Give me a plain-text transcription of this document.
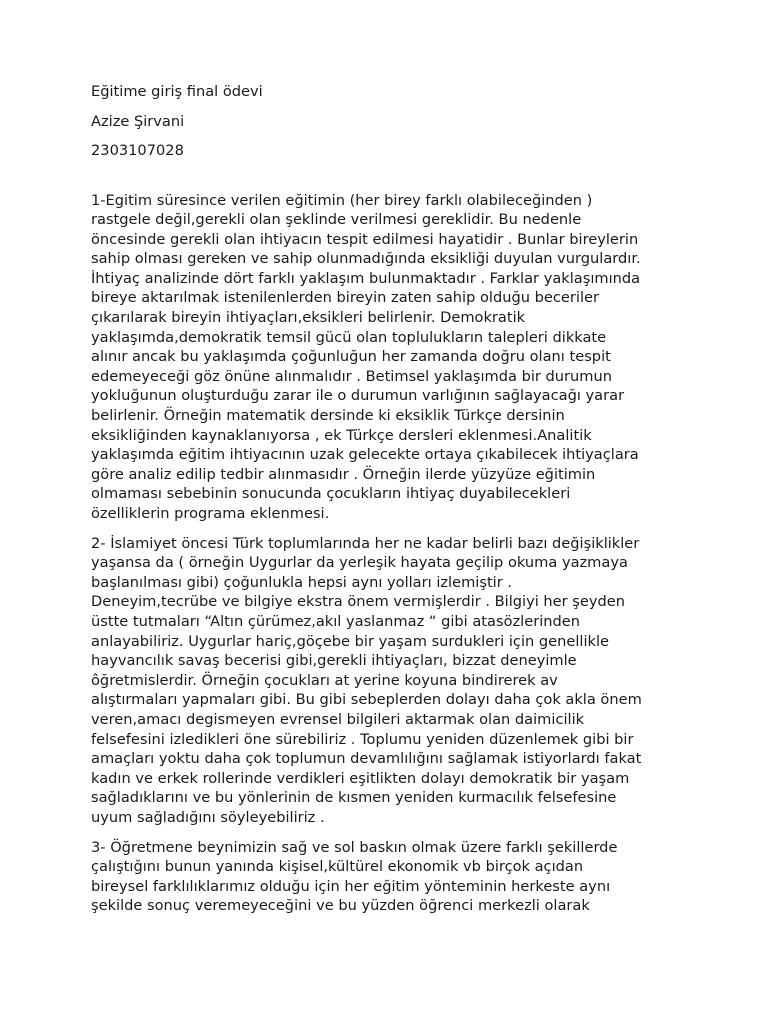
Eğitime giriş final ödevi
Azize Şirvani
2303107028
1-Egitim süresince verilen eğitimin (her birey farklı olabileceğinden )
rastgele değil,gerekli olan şeklinde verilmesi gereklidir. Bu nedenle
öncesinde gerekli olan ihtiyacın tespit edilmesi hayatidir . Bunlar bireylerin
sahip olması gereken ve sahip olunmadığında eksikliği duyulan vurgulardır.
İhtiyaç analizinde dört farklı yaklaşım bulunmaktadır . Farklar yaklaşımında
bireye aktarılmak istenilenlerden bireyin zaten sahip olduğu beceriler
çıkarılarak bireyin ihtiyaçları,eksikleri belirlenir. Demokratik
yaklaşımda,demokratik temsil gücü olan toplulukların talepleri dikkate
alınır ancak bu yaklaşımda çoğunluğun her zamanda doğru olanı tespit
edemeyeceği göz önüne alınmalıdır . Betimsel yaklaşımda bir durumun
yokluğunun oluşturduğu zarar ile o durumun varlığının sağlayacağı yarar
belirlenir. Örneğin matematik dersinde ki eksiklik Türkçe dersinin
eksikliğinden kaynaklanıyorsa , ek Türkçe dersleri eklenmesi.Analitik
yaklaşımda eğitim ihtiyacının uzak gelecekte ortaya çıkabilecek ihtiyaçlara
göre analiz edilip tedbir alınmasıdır . Örneğin ilerde yüzyüze eğitimin
olmaması sebebinin sonucunda çocukların ihtiyaç duyabilecekleri
özelliklerin programa eklenmesi.
2- İslamiyet öncesi Türk toplumlarında her ne kadar belirli bazı değişiklikler
yaşansa da ( örneğin Uygurlar da yerleşik hayata geçilip okuma yazmaya
başlanılması gibi) çoğunlukla hepsi aynı yolları izlemiştir .
Deneyim,tecrübe ve bilgiye ekstra önem vermişlerdir . Bilgiyi her şeyden
üstte tutmaları “Altın çürümez,akıl yaslanmaz “ gibi atasözlerinden
anlayabiliriz. Uygurlar hariç,göçebe bir yaşam surdukleri için genellikle
hayvancılık savaş becerisi gibi,gerekli ihtiyaçları, bizzat deneyimle
ôğretmislerdir. Örneğin çocukları at yerine koyuna bindirerek av
alıştırmaları yapmaları gibi. Bu gibi sebeplerden dolayı daha çok akla önem
veren,amacı degismeyen evrensel bilgileri aktarmak olan daimicilik
felsefesini izledikleri öne sürebiliriz . Toplumu yeniden düzenlemek gibi bir
amaçları yoktu daha çok toplumun devamlılığını sağlamak istiyorlardı fakat
kadın ve erkek rollerinde verdikleri eşitlikten dolayı demokratik bir yaşam
sağladıklarını ve bu yönlerinin de kısmen yeniden kurmacılık felsefesine
uyum sağladığını söyleyebiliriz .
3- Öğretmene beynimizin sağ ve sol baskın olmak üzere farklı şekillerde
çalıştığını bunun yanında kişisel,kültürel ekonomik vb birçok açıdan
bireysel farklılıklarımız olduğu için her eğitim yönteminin herkeste aynı
şekilde sonuç veremeyeceğini ve bu yüzden öğrenci merkezli olarak
